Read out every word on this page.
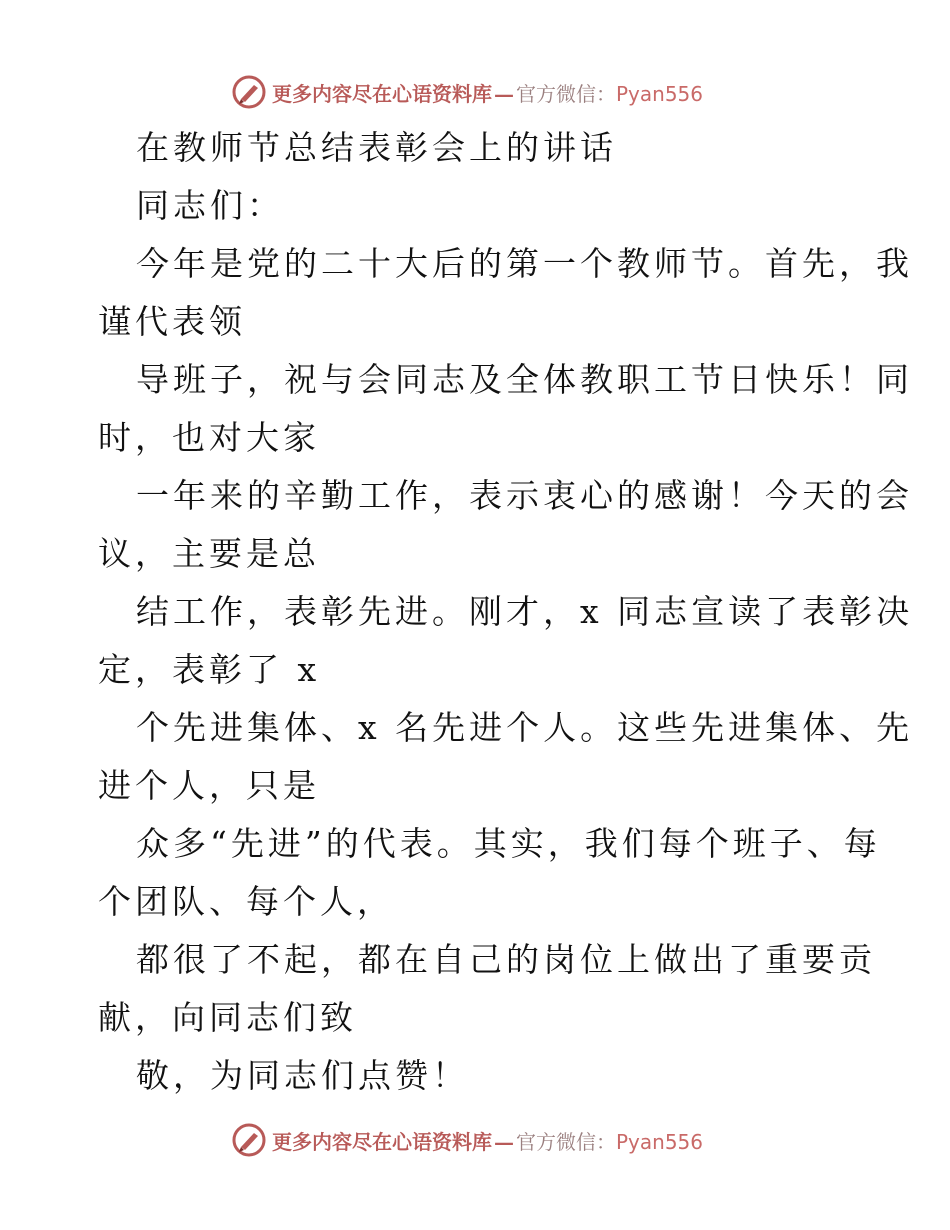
更多内容尽在心语资料库 — 官方微信：Pyan556
在教师节总结表彰会上的讲话
同志们：
今年是党的二十大后的第一个教师节。首先，我
谨代表领
导班子，祝与会同志及全体教职工节日快乐！同
时，也对大家
一年来的辛勤工作，表示衷心的感谢！今天的会
议，主要是总
结工作，表彰先进。刚才，x 同志宣读了表彰决
定，表彰了 x
个先进集体、x 名先进个人。这些先进集体、先
进个人，只是
众多“先进”的代表。其实，我们每个班子、每
个团队、每个人，
都很了不起，都在自己的岗位上做出了重要贡
献，向同志们致
敬，为同志们点赞！
更多内容尽在心语资料库 — 官方微信：Pyan556
